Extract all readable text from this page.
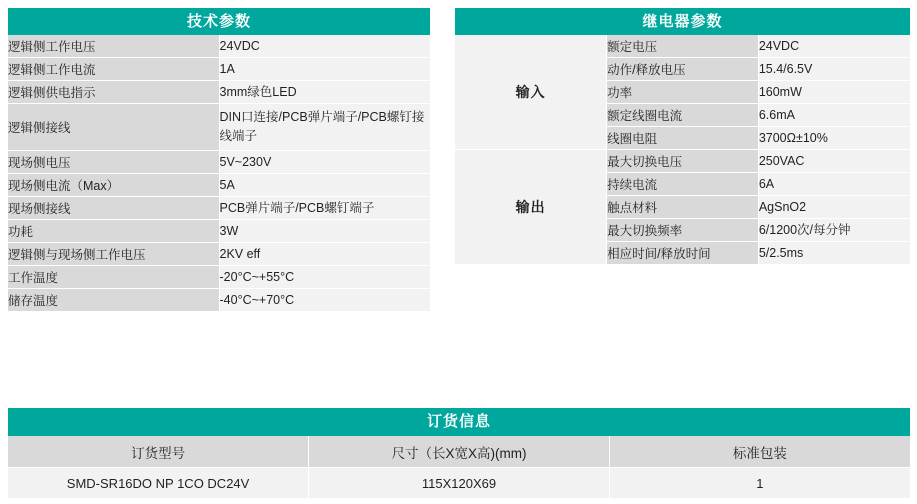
技术参数	
逻辑侧工作电压	24VDC
逻辑侧工作电流	1A
逻辑侧供电指示	3mm绿色LED
逻辑侧接线	DIN口连接/PCB弹片端子/PCB螺钉接线端子
现场侧电压	5V~230V
现场侧电流（Max）	5A
现场侧接线	PCB弹片端子/PCB螺钉端子
功耗	3W
逻辑侧与现场侧工作电压	2KV eff
工作温度	-20°C~+55°C
储存温度	-40°C~+70°C
继电器参数		
输入	额定电压	24VDC
	动作/释放电压	15.4/6.5V
	功率	160mW
	额定线圈电流	6.6mA
	线圈电阻	3700Ω±10%
输出	最大切换电压	250VAC
	持续电流	6A
	触点材料	AgSnO2
	最大切换频率	6/1200次/每分钟
	相应时间/释放时间	5/2.5ms
订货信息		
订货型号	尺寸（长X宽X高)(mm)	标准包装
SMD-SR16DO NP 1CO DC24V	115X120X69	1
